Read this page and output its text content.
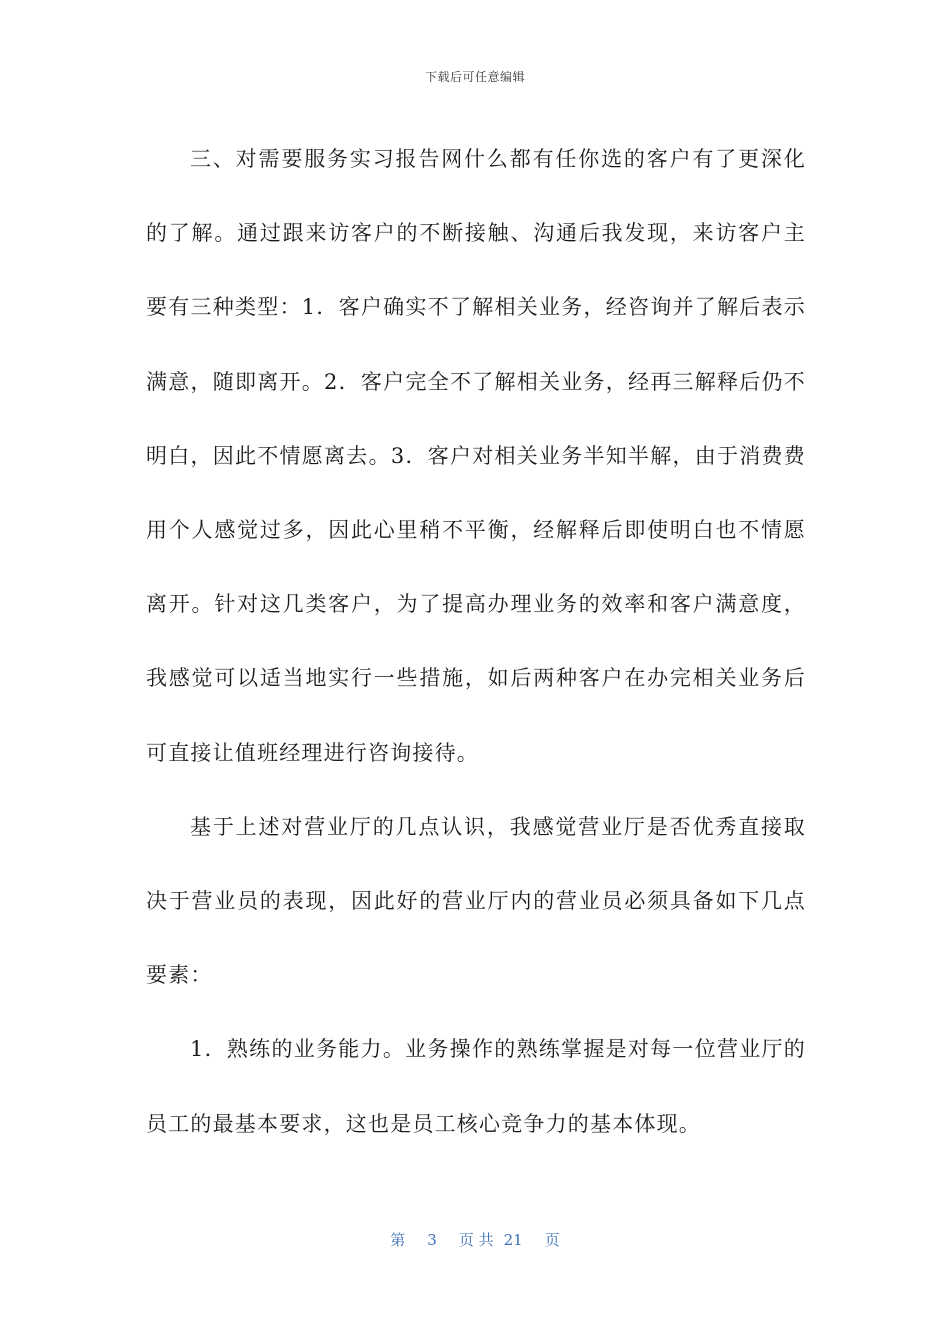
下载后可任意编辑

三、对需要服务实习报告网什么都有任你选的客户有了更深化的了解。通过跟来访客户的不断接触、沟通后我发现，来访客户主要有三种类型：1．客户确实不了解相关业务，经咨询并了解后表示满意，随即离开。2．客户完全不了解相关业务，经再三解释后仍不明白，因此不情愿离去。3．客户对相关业务半知半解，由于消费费用个人感觉过多，因此心里稍不平衡，经解释后即使明白也不情愿离开。针对这几类客户，为了提高办理业务的效率和客户满意度，我感觉可以适当地实行一些措施，如后两种客户在办完相关业务后可直接让值班经理进行咨询接待。

基于上述对营业厅的几点认识，我感觉营业厅是否优秀直接取决于营业员的表现，因此好的营业厅内的营业员必须具备如下几点要素：

1．熟练的业务能力。业务操作的熟练掌握是对每一位营业厅的员工的最基本要求，这也是员工核心竞争力的基本体现。

第 3 页 共 21 页
